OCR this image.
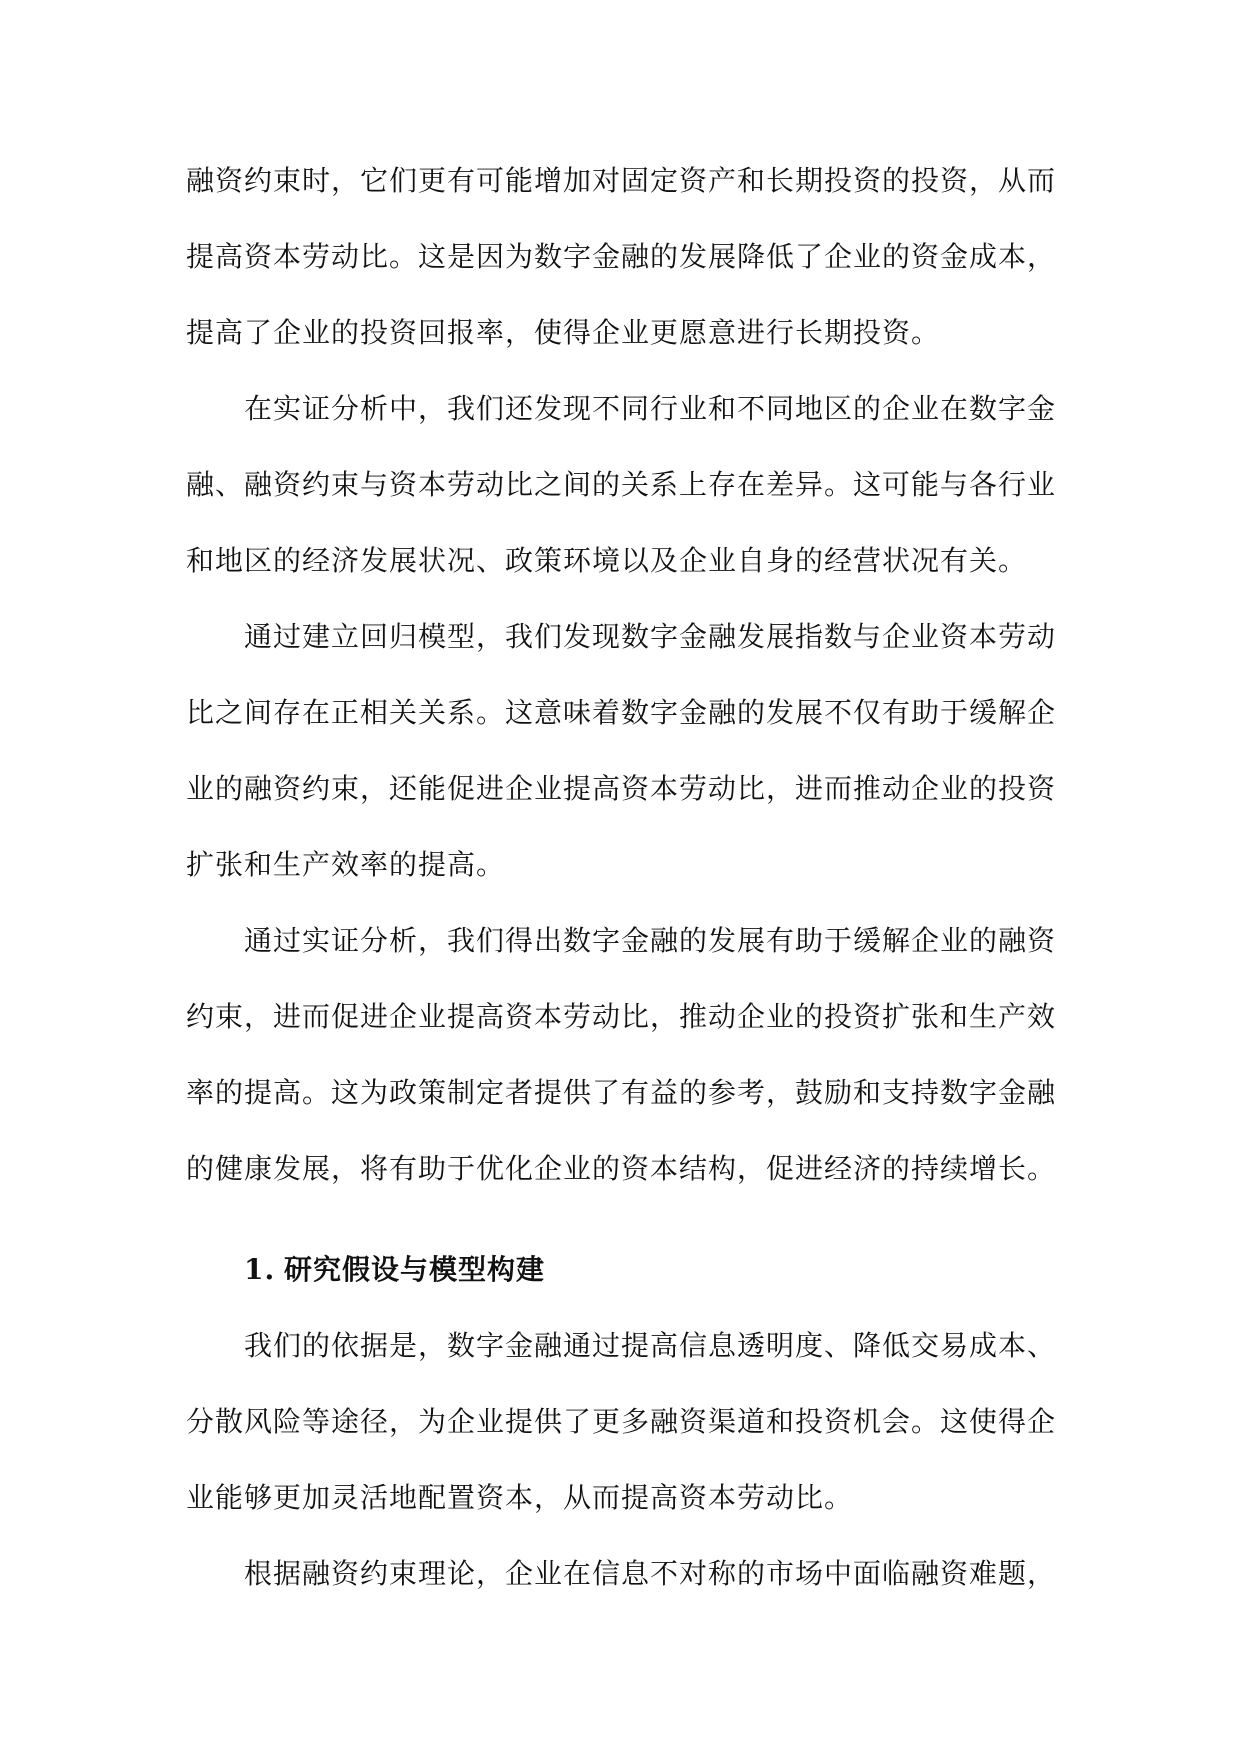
融资约束时，它们更有可能增加对固定资产和长期投资的投资，从而提高资本劳动比。这是因为数字金融的发展降低了企业的资金成本，提高了企业的投资回报率，使得企业更愿意进行长期投资。

在实证分析中，我们还发现不同行业和不同地区的企业在数字金融、融资约束与资本劳动比之间的关系上存在差异。这可能与各行业和地区的经济发展状况、政策环境以及企业自身的经营状况有关。

通过建立回归模型，我们发现数字金融发展指数与企业资本劳动比之间存在正相关关系。这意味着数字金融的发展不仅有助于缓解企业的融资约束，还能促进企业提高资本劳动比，进而推动企业的投资扩张和生产效率的提高。

通过实证分析，我们得出数字金融的发展有助于缓解企业的融资约束，进而促进企业提高资本劳动比，推动企业的投资扩张和生产效率的提高。这为政策制定者提供了有益的参考，鼓励和支持数字金融的健康发展，将有助于优化企业的资本结构，促进经济的持续增长。

1. 研究假设与模型构建

我们的依据是，数字金融通过提高信息透明度、降低交易成本、分散风险等途径，为企业提供了更多融资渠道和投资机会。这使得企业能够更加灵活地配置资本，从而提高资本劳动比。

根据融资约束理论，企业在信息不对称的市场中面临融资难题，
